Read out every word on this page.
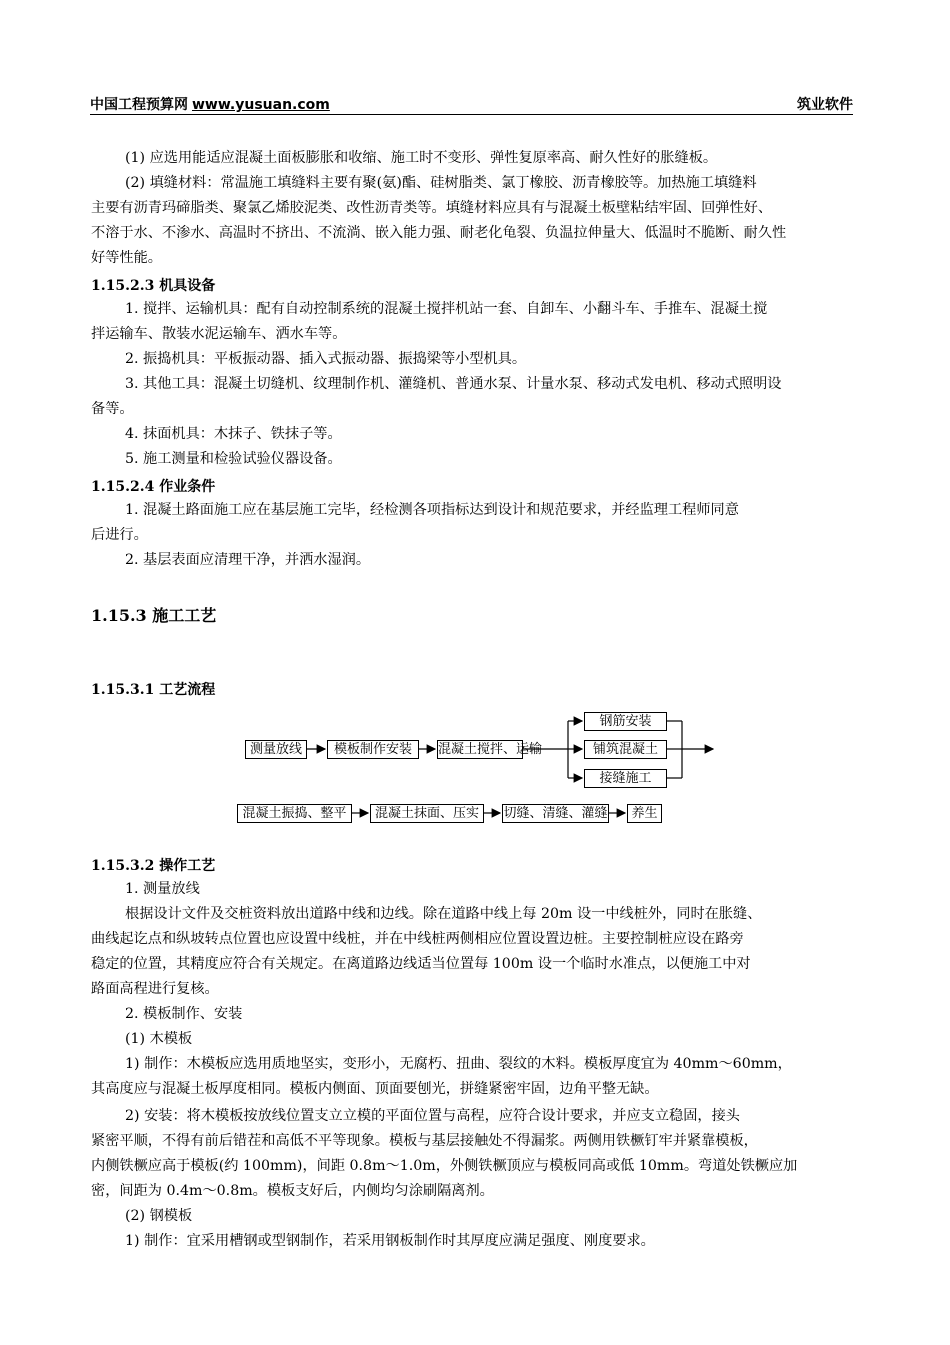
中国工程预算网 www.yusuan.com	筑业软件
(1) 应选用能适应混凝土面板膨胀和收缩、施工时不变形、弹性复原率高、耐久性好的胀缝板。
(2) 填缝材料：常温施工填缝料主要有聚(氨)酯、硅树脂类、氯丁橡胶、沥青橡胶等。加热施工填缝料
主要有沥青玛碲脂类、聚氯乙烯胶泥类、改性沥青类等。填缝材料应具有与混凝土板壁粘结牢固、回弹性好、
不溶于水、不渗水、高温时不挤出、不流淌、嵌入能力强、耐老化龟裂、负温拉伸量大、低温时不脆断、耐久性
好等性能。
1.15.2.3 机具设备
1. 搅拌、运输机具：配有自动控制系统的混凝土搅拌机站一套、自卸车、小翻斗车、手推车、混凝土搅
拌运输车、散装水泥运输车、洒水车等。
2. 振捣机具：平板振动器、插入式振动器、振捣梁等小型机具。
3. 其他工具：混凝土切缝机、纹理制作机、灌缝机、普通水泵、计量水泵、移动式发电机、移动式照明设
备等。
4. 抹面机具：木抹子、铁抹子等。
5. 施工测量和检验试验仪器设备。
1.15.2.4 作业条件
1. 混凝土路面施工应在基层施工完毕，经检测各项指标达到设计和规范要求，并经监理工程师同意
后进行。
2. 基层表面应清理干净，并洒水湿润。
1.15.3 施工工艺
1.15.3.1 工艺流程
测量放线	模板制作安装	混凝土搅拌、运输
钢筋安装
铺筑混凝土
接缝施工
混凝土振捣、整平	混凝土抹面、压实	切缝、清缝、灌缝	养生
1.15.3.2 操作工艺
1. 测量放线
根据设计文件及交桩资料放出道路中线和边线。除在道路中线上每 20m 设一中线桩外，同时在胀缝、
曲线起讫点和纵坡转点位置也应设置中线桩，并在中线桩两侧相应位置设置边桩。主要控制桩应设在路旁
稳定的位置，其精度应符合有关规定。在离道路边线适当位置每 100m 设一个临时水准点，以便施工中对
路面高程进行复核。
2. 模板制作、安装
(1) 木模板
1) 制作：木模板应选用质地坚实，变形小，无腐朽、扭曲、裂纹的木料。模板厚度宜为 40mm～60mm，
其高度应与混凝土板厚度相同。模板内侧面、顶面要刨光，拼缝紧密牢固，边角平整无缺。
2) 安装：将木模板按放线位置支立立模的平面位置与高程，应符合设计要求，并应支立稳固，接头
紧密平顺，不得有前后错茬和高低不平等现象。模板与基层接触处不得漏浆。两侧用铁橛钉牢并紧靠模板，
内侧铁橛应高于模板(约 100mm)，间距 0.8m～1.0m，外侧铁橛顶应与模板同高或低 10mm。弯道处铁橛应加
密，间距为 0.4m～0.8m。模板支好后，内侧均匀涂刷隔离剂。
(2) 钢模板
1) 制作：宜采用槽钢或型钢制作，若采用钢板制作时其厚度应满足强度、刚度要求。
